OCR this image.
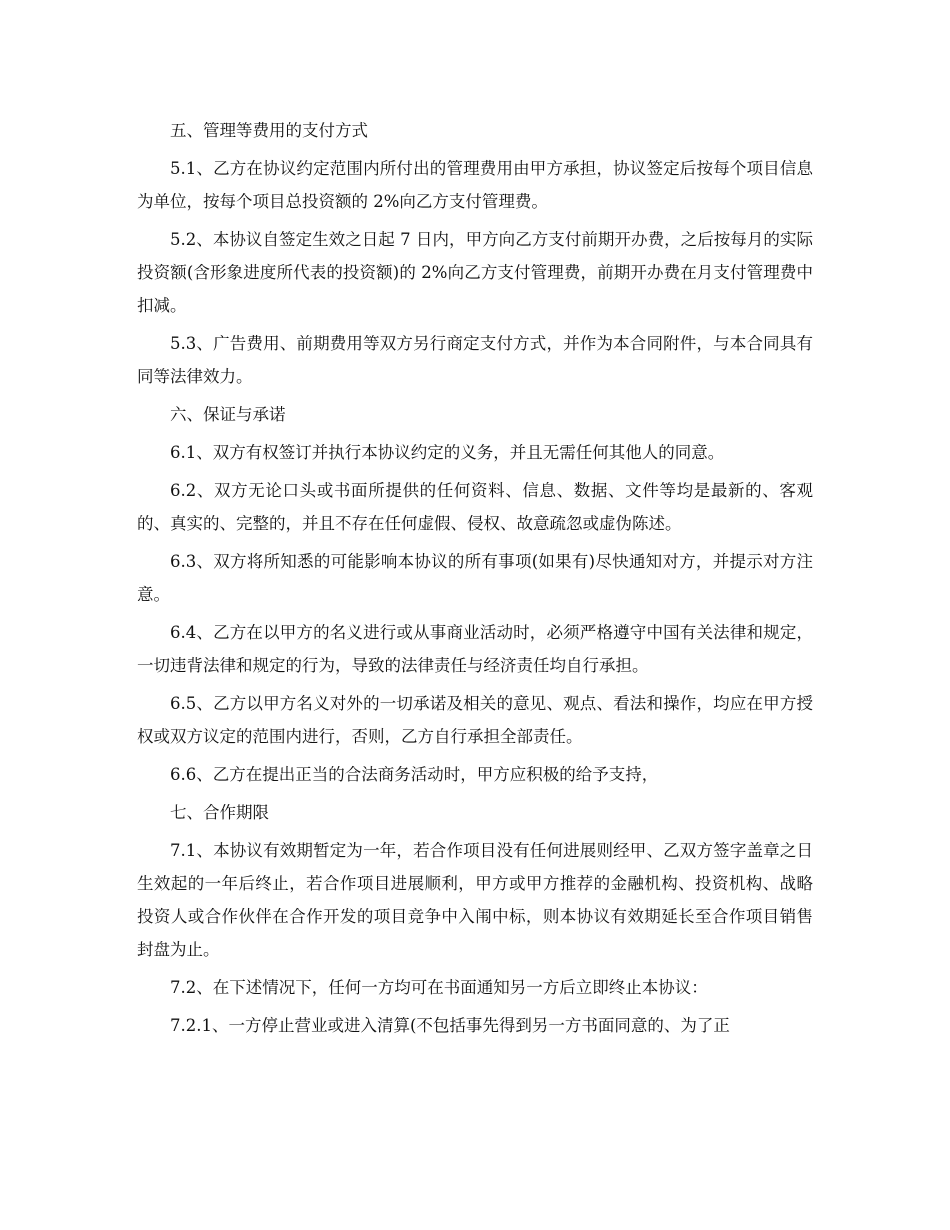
五、管理等费用的支付方式

5.1、乙方在协议约定范围内所付出的管理费用由甲方承担，协议签定后按每个项目信息为单位，按每个项目总投资额的 2%向乙方支付管理费。

5.2、本协议自签定生效之日起 7 日内，甲方向乙方支付前期开办费，之后按每月的实际投资额(含形象进度所代表的投资额)的 2%向乙方支付管理费，前期开办费在月支付管理费中扣减。

5.3、广告费用、前期费用等双方另行商定支付方式，并作为本合同附件，与本合同具有同等法律效力。

六、保证与承诺

6.1、双方有权签订并执行本协议约定的义务，并且无需任何其他人的同意。

6.2、双方无论口头或书面所提供的任何资料、信息、数据、文件等均是最新的、客观的、真实的、完整的，并且不存在任何虚假、侵权、故意疏忽或虚伪陈述。

6.3、双方将所知悉的可能影响本协议的所有事项(如果有)尽快通知对方，并提示对方注意。

6.4、乙方在以甲方的名义进行或从事商业活动时，必须严格遵守中国有关法律和规定，一切违背法律和规定的行为，导致的法律责任与经济责任均自行承担。

6.5、乙方以甲方名义对外的一切承诺及相关的意见、观点、看法和操作，均应在甲方授权或双方议定的范围内进行，否则，乙方自行承担全部责任。

6.6、乙方在提出正当的合法商务活动时，甲方应积极的给予支持，

七、合作期限

7.1、本协议有效期暂定为一年，若合作项目没有任何进展则经甲、乙双方签字盖章之日生效起的一年后终止，若合作项目进展顺利，甲方或甲方推荐的金融机构、投资机构、战略投资人或合作伙伴在合作开发的项目竞争中入闱中标，则本协议有效期延长至合作项目销售封盘为止。

7.2、在下述情况下，任何一方均可在书面通知另一方后立即终止本协议：

7.2.1、一方停止营业或进入清算(不包括事先得到另一方书面同意的、为了正
